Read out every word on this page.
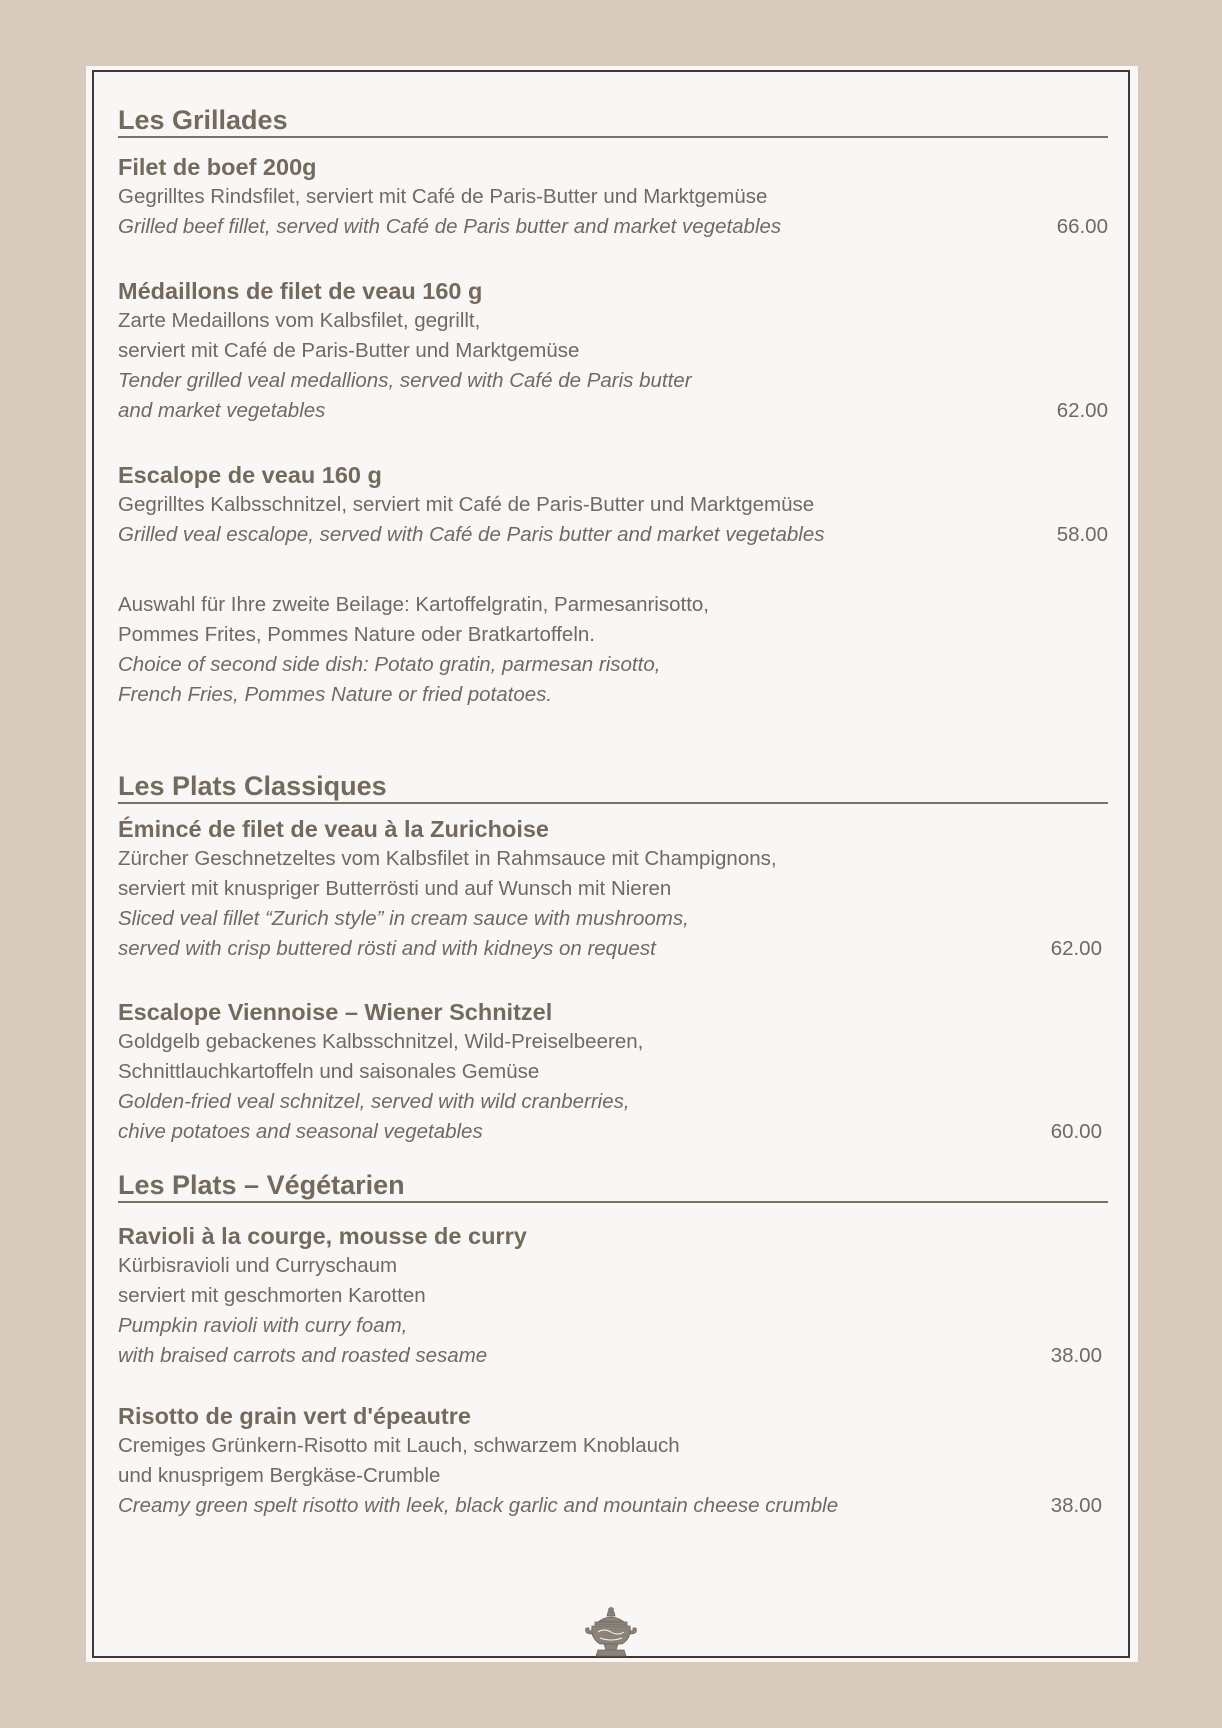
Les Grillades
Filet de boef 200g
Gegrilltes Rindsfilet, serviert mit Café de Paris-Butter und Marktgemüse
Grilled beef fillet, served with Café de Paris butter and market vegetables	66.00
Médaillons de filet de veau 160 g
Zarte Medaillons vom Kalbsfilet, gegrillt,
serviert mit Café de Paris-Butter und Marktgemüse
Tender grilled veal medallions, served with Café de Paris butter
and market vegetables	62.00
Escalope de veau 160 g
Gegrilltes Kalbsschnitzel, serviert mit Café de Paris-Butter und Marktgemüse
Grilled veal escalope, served with Café de Paris butter and market vegetables	58.00
Auswahl für Ihre zweite Beilage: Kartoffelgratin, Parmesanrisotto,
Pommes Frites, Pommes Nature oder Bratkartoffeln.
Choice of second side dish: Potato gratin, parmesan risotto,
French Fries, Pommes Nature or fried potatoes.
Les Plats Classiques
Émincé de filet de veau à la Zurichoise
Zürcher Geschnetzeltes vom Kalbsfilet in Rahmsauce mit Champignons,
serviert mit knuspriger Butterrösti und auf Wunsch mit Nieren
Sliced veal fillet “Zurich style” in cream sauce with mushrooms,
served with crisp buttered rösti and with kidneys on request	62.00
Escalope Viennoise – Wiener Schnitzel
Goldgelb gebackenes Kalbsschnitzel, Wild-Preiselbeeren,
Schnittlauchkartoffeln und saisonales Gemüse
Golden-fried veal schnitzel, served with wild cranberries,
chive potatoes and seasonal vegetables	60.00
Les Plats – Végétarien
Ravioli à la courge, mousse de curry
Kürbisravioli und Curryschaum
serviert mit geschmorten Karotten
Pumpkin ravioli with curry foam,
with braised carrots and roasted sesame	38.00
Risotto de grain vert d'épeautre
Cremiges Grünkern-Risotto mit Lauch, schwarzem Knoblauch
und knusprigem Bergkäse-Crumble
Creamy green spelt risotto with leek, black garlic and mountain cheese crumble	38.00
